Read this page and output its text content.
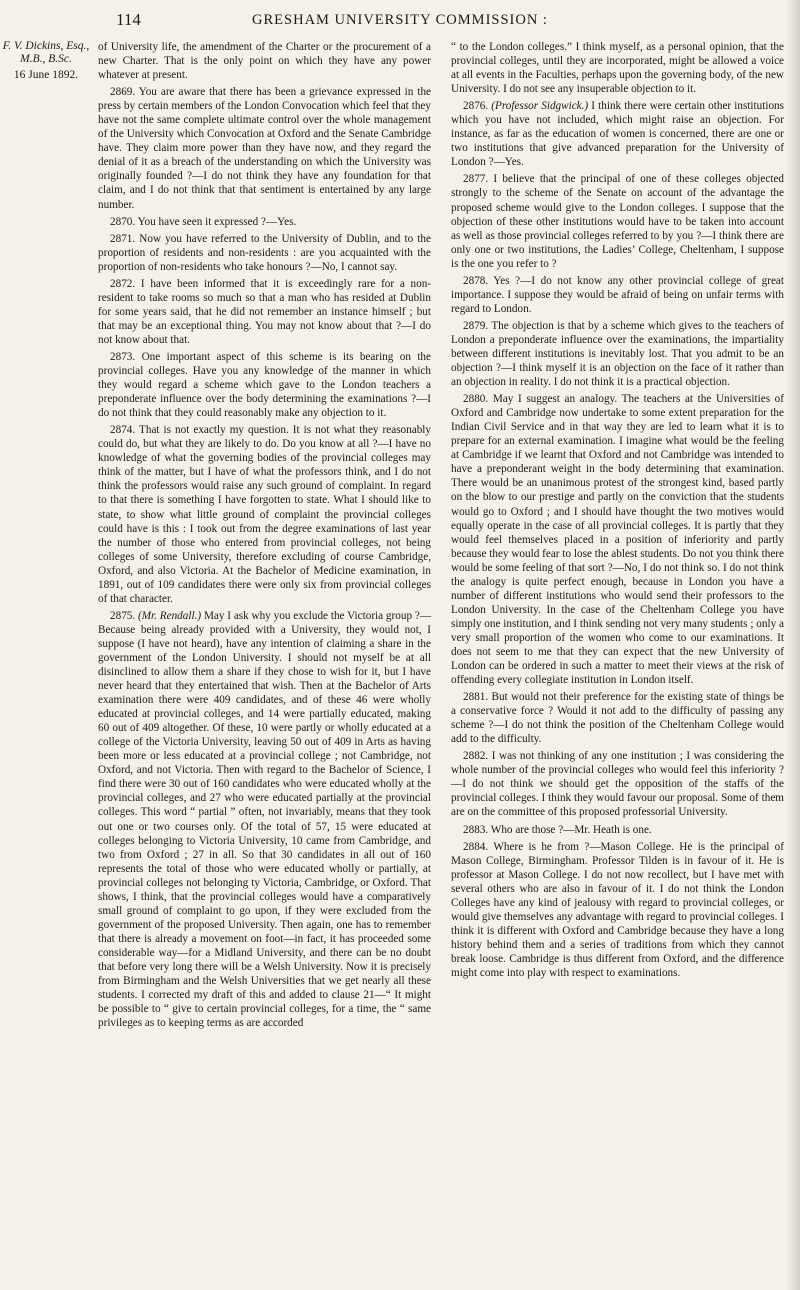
114	GRESHAM UNIVERSITY COMMISSION :
F. V. Dickins, Esq., M.B., B.Sc.
16 June 1892.

of University life, the amendment of the Charter or the procurement of a new Charter. That is the only point on which they have any power whatever at present.

2869. You are aware that there has been a grievance expressed in the press by certain members of the London Convocation which feel that they have not the same complete ultimate control over the whole management of the University which Convocation at Oxford and the Senate Cambridge have. They claim more power than they have now, and they regard the denial of it as a breach of the understanding on which the University was originally founded ?—I do not think they have any foundation for that claim, and I do not think that that sentiment is entertained by any large number.

2870. You have seen it expressed ?—Yes.

2871. Now you have referred to the University of Dublin, and to the proportion of residents and non-residents : are you acquainted with the proportion of non-residents who take honours ?—No, I cannot say.

2872. I have been informed that it is exceedingly rare for a non-resident to take rooms so much so that a man who has resided at Dublin for some years said, that he did not remember an instance himself ; but that may be an exceptional thing. You may not know about that ?—I do not know about that.

2873. One important aspect of this scheme is its bearing on the provincial colleges. Have you any knowledge of the manner in which they would regard a scheme which gave to the London teachers a preponderate influence over the body determining the examinations ?—I do not think that they could reasonably make any objection to it.

2874. That is not exactly my question. It is not what they reasonably could do, but what they are likely to do. Do you know at all ?—I have no knowledge of what the governing bodies of the provincial colleges may think of the matter, but I have of what the professors think, and I do not think the professors would raise any such ground of complaint. In regard to that there is something I have forgotten to state. What I should like to state, to show what little ground of complaint the provincial colleges could have is this : I took out from the degree examinations of last year the number of those who entered from provincial colleges, not being colleges of some University, therefore excluding of course Cambridge, Oxford, and also Victoria. At the Bachelor of Medicine examination, in 1891, out of 109 candidates there were only six from provincial colleges of that character.

2875. (Mr. Rendall.) May I ask why you exclude the Victoria group ?—Because being already provided with a University, they would not, I suppose (I have not heard), have any intention of claiming a share in the government of the London University. I should not myself be at all disinclined to allow them a share if they chose to wish for it, but I have never heard that they entertained that wish. Then at the Bachelor of Arts examination there were 409 candidates, and of these 46 were wholly educated at provincial colleges, and 14 were partially educated, making 60 out of 409 altogether. Of these, 10 were partly or wholly educated at a college of the Victoria University, leaving 50 out of 409 in Arts as having been more or less educated at a provincial college ; not Cambridge, not Oxford, and not Victoria. Then with regard to the Bachelor of Science, I find there were 30 out of 160 candidates who were educated wholly at the provincial colleges, and 27 who were educated partially at the provincial colleges. This word “ partial ” often, not invariably, means that they took out one or two courses only. Of the total of 57, 15 were educated at colleges belonging to Victoria University, 10 came from Cambridge, and two from Oxford ; 27 in all. So that 30 candidates in all out of 160 represents the total of those who were educated wholly or partially, at provincial colleges not belonging ty Victoria, Cambridge, or Oxford. That shows, I think, that the provincial colleges would have a comparatively small ground of complaint to go upon, if they were excluded from the government of the proposed University. Then again, one has to remember that there is already a movement on foot—in fact, it has proceeded some considerable way—for a Midland University, and there can be no doubt that before very long there will be a Welsh University. Now it is precisely from Birmingham and the Welsh Universities that we get nearly all these students. I corrected my draft of this and added to clause 21—“ It might be possible to “ give to certain provincial colleges, for a time, the “ same privileges as to keeping terms as are accorded

“ to the London colleges.” I think myself, as a personal opinion, that the provincial colleges, until they are incorporated, might be allowed a voice at all events in the Faculties, perhaps upon the governing body, of the new University. I do not see any insuperable objection to it.

2876. (Professor Sidgwick.) I think there were certain other institutions which you have not included, which might raise an objection. For instance, as far as the education of women is concerned, there are one or two institutions that give advanced preparation for the University of London ?—Yes.

2877. I believe that the principal of one of these colleges objected strongly to the scheme of the Senate on account of the advantage the proposed scheme would give to the London colleges. I suppose that the objection of these other institutions would have to be taken into account as well as those provincial colleges referred to by you ?—I think there are only one or two institutions, the Ladies’ College, Cheltenham, I suppose is the one you refer to ?

2878. Yes ?—I do not know any other provincial college of great importance. I suppose they would be afraid of being on unfair terms with regard to London.

2879. The objection is that by a scheme which gives to the teachers of London a preponderate influence over the examinations, the impartiality between different institutions is inevitably lost. That you admit to be an objection ?—I think myself it is an objection on the face of it rather than an objection in reality. I do not think it is a practical objection.

2880. May I suggest an analogy. The teachers at the Universities of Oxford and Cambridge now undertake to some extent preparation for the Indian Civil Service and in that way they are led to learn what it is to prepare for an external examination. I imagine what would be the feeling at Cambridge if we learnt that Oxford and not Cambridge was intended to have a preponderant weight in the body determining that examination. There would be an unanimous protest of the strongest kind, based partly on the blow to our prestige and partly on the conviction that the students would go to Oxford ; and I should have thought the two motives would equally operate in the case of all provincial colleges. It is partly that they would feel themselves placed in a position of inferiority and partly because they would fear to lose the ablest students. Do not you think there would be some feeling of that sort ?—No, I do not think so. I do not think the analogy is quite perfect enough, because in London you have a number of different institutions who would send their professors to the London University. In the case of the Cheltenham College you have simply one institution, and I think sending not very many students ; only a very small proportion of the women who come to our examinations. It does not seem to me that they can expect that the new University of London can be ordered in such a matter to meet their views at the risk of offending every collegiate institution in London itself.

2881. But would not their preference for the existing state of things be a conservative force ? Would it not add to the difficulty of passing any scheme ?—I do not think the position of the Cheltenham College would add to the difficulty.

2882. I was not thinking of any one institution ; I was considering the whole number of the provincial colleges who would feel this inferiority ?—I do not think we should get the opposition of the staffs of the provincial colleges. I think they would favour our proposal. Some of them are on the committee of this proposed professorial University.

2883. Who are those ?—Mr. Heath is one.

2884. Where is he from ?—Mason College. He is the principal of Mason College, Birmingham. Professor Tilden is in favour of it. He is professor at Mason College. I do not now recollect, but I have met with several others who are also in favour of it. I do not think the London Colleges have any kind of jealousy with regard to provincial colleges, or would give themselves any advantage with regard to provincial colleges. I think it is different with Oxford and Cambridge because they have a long history behind them and a series of traditions from which they cannot break loose. Cambridge is thus different from Oxford, and the difference might come into play with respect to examinations.
